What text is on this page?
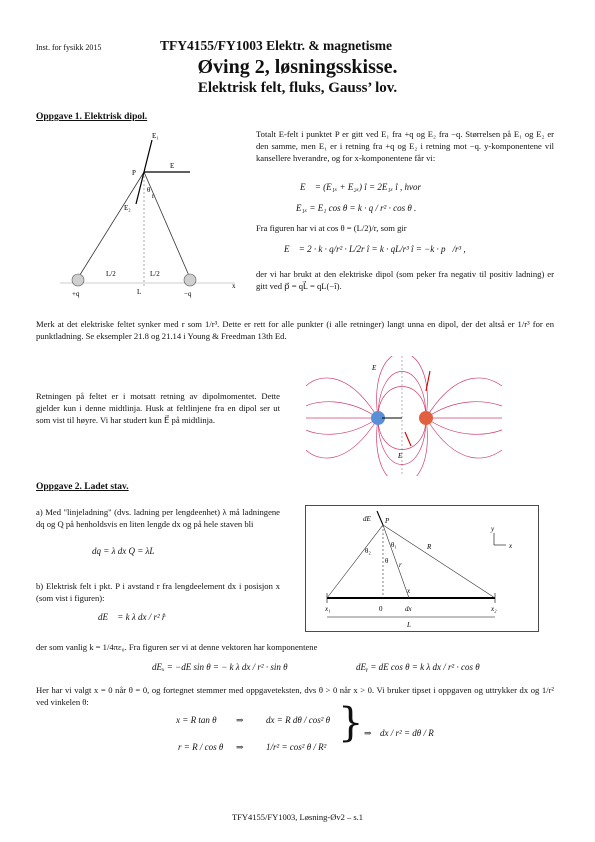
Inst. for fysikk 2015	TFY4155/FY1003 Elektr. & magnetisme
Øving 2, løsningsskisse.
Elektrisk felt, fluks, Gauss’ lov.
Oppgave 1. Elektrisk dipol.
E₁
E₂
E
P
r
θ
L/2	L/2
L
+q	−q
x
Totalt E-felt i punktet P er gitt ved E₁ fra +q og E₂ fra −q. Størrelsen på E₁ og E₂ er den samme, men E₁ er i retning fra +q og E₂ i retning mot −q. y-komponentene vil kansellere hverandre, og for x-komponentene får vi:
E⃗ = (E₁ₓ + E₂ₓ) î = 2E₁ₓ î , hvor
E₁ₓ = E₁ cos θ = k · q / r² · cos θ .
Fra figuren har vi at cos θ = (L/2)/r, som gir
E⃗ = 2 · k · q/r² · L/2r î = k · qL/r³ î = −k · p⃗/r³ ,
der vi har brukt at den elektriske dipol (som peker fra negativ til positiv ladning) er gitt ved p⃗ = qL⃗ = qL(−î).
Merk at det elektriske feltet synker med r som 1/r³. Dette er rett for alle punkter (i alle retninger) langt unna en dipol, der det altså er 1/r³ for en punktladning. Se eksempler 21.8 og 21.14 i Young & Freedman 13th Ed.
Retningen på feltet er i motsatt retning av dipolmomentet. Dette gjelder kun i denne midtlinja. Husk at feltlinjene fra en dipol ser ut som vist til høyre. Vi har studert kun E⃗ på midtlinja.
E
E
Oppgave 2. Ladet stav.
a) Med "linjeladning" (dvs. ladning per lengdeenhet) λ må ladningene dq og Q på henholdsvis en liten lengde dx og på hele staven bli
dq = λ dx Q = λL
b) Elektrisk felt i pkt. P i avstand r fra lengdeelement dx i posisjon x (som vist i figuren):
dE⃗ = k λ dx / r² r̂
dE P
θ₁
θ₂
θ
R
r
x₁	0
x
dx	x₂
L
y
x
der som vanlig k = 1/4πε₀. Fra figuren ser vi at denne vektoren har komponentene
dEₓ = −dE sin θ = − k λ dx / r² · sin θ	dEᵧ = dE cos θ = k λ dx / r² · cos θ
Her har vi valgt x = 0 når θ = 0, og fortegnet stemmer med oppgaveteksten, dvs θ > 0 når x > 0. Vi bruker tipset i oppgaven og uttrykker dx og 1/r² ved vinkelen θ:
x = R tan θ ⇒ dx = R dθ / cos² θ
r = R / cos θ ⇒ 1/r² = cos² θ / R²
} ⇒ dx / r² = dθ / R
TFY4155/FY1003, Løsning-Øv2 – s.1
